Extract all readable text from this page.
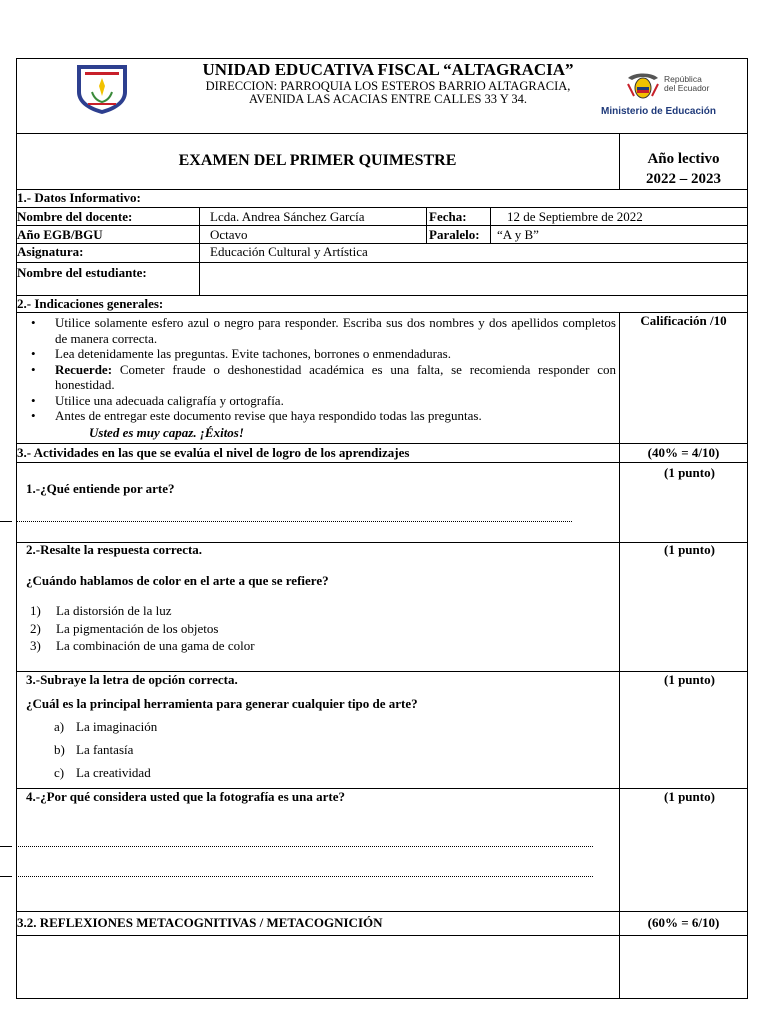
UNIDAD EDUCATIVA FISCAL “ALTAGRACIA”
DIRECCION: PARROQUIA LOS ESTEROS BARRIO ALTAGRACIA,
AVENIDA LAS ACACIAS ENTRE CALLES 33 Y 34.
República
del Ecuador
Ministerio de Educación
EXAMEN DEL PRIMER QUIMESTRE	Año lectivo
2022 – 2023
1.- Datos Informativo:
Nombre del docente:	Lcda. Andrea Sánchez García	Fecha:	12 de Septiembre de 2022
Año EGB/BGU	Octavo	Paralelo: “A y B”
Asignatura:	Educación Cultural y Artística
Nombre del estudiante:
2.- Indicaciones generales:
• Utilice solamente esfero azul o negro para responder. Escriba sus dos nombres y dos apellidos completos de manera correcta.
• Lea detenidamente las preguntas. Evite tachones, borrones o enmendaduras.
• Recuerde: Cometer fraude o deshonestidad académica es una falta, se recomienda responder con honestidad.
• Utilice una adecuada caligrafía y ortografía.
• Antes de entregar este documento revise que haya respondido todas las preguntas.
Usted es muy capaz. ¡Éxitos!
Calificación /10
3.- Actividades en las que se evalúa el nivel de logro de los aprendizajes	(40% = 4/10)
1.-¿Qué entiende por arte?
(1 punto)
2.-Resalte la respuesta correcta.	(1 punto)
¿Cuándo hablamos de color en el arte a que se refiere?
1) La distorsión de la luz
2) La pigmentación de los objetos
3) La combinación de una gama de color
3.-Subraye la letra de opción correcta.	(1 punto)
¿Cuál es la principal herramienta para generar cualquier tipo de arte?
a) La imaginación
b) La fantasía
c) La creatividad
4.-¿Por qué considera usted que la fotografía es una arte?	(1 punto)
3.2. REFLEXIONES METACOGNITIVAS / METACOGNICIÓN	(60% = 6/10)
